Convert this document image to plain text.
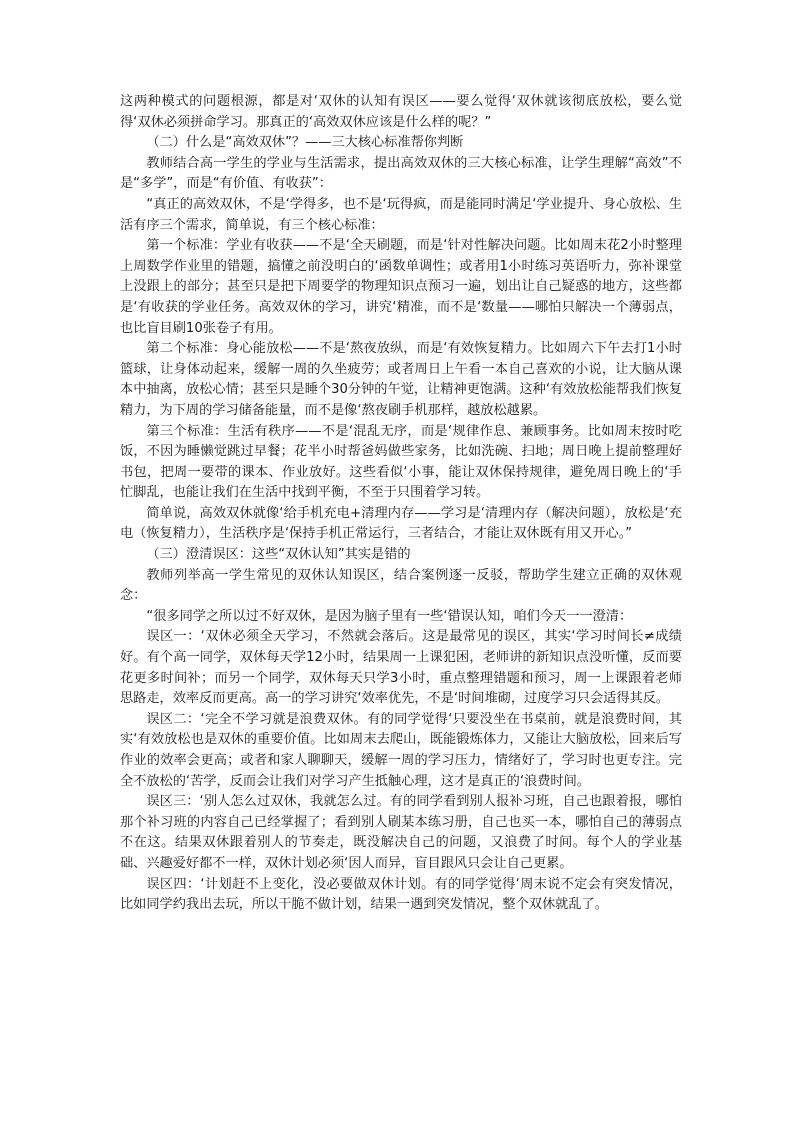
这两种模式的问题根源，都是对‘双休的认知有误区——要么觉得‘双休就该彻底放松，要么觉得‘双休必须拼命学习。那真正的‘高效双休应该是什么样的呢？”

（二）什么是“高效双休”？——三大核心标准帮你判断

教师结合高一学生的学业与生活需求，提出高效双休的三大核心标准，让学生理解“高效”不是“多学”，而是“有价值、有收获”：

“真正的高效双休，不是‘学得多，也不是‘玩得疯，而是能同时满足‘学业提升、身心放松、生活有序三个需求，简单说，有三个核心标准：

第一个标准：学业有收获——不是‘全天刷题，而是‘针对性解决问题。比如周末花2小时整理上周数学作业里的错题，搞懂之前没明白的‘函数单调性；或者用1小时练习英语听力，弥补课堂上没跟上的部分；甚至只是把下周要学的物理知识点预习一遍，划出让自己疑惑的地方，这些都是‘有收获的学业任务。高效双休的学习，讲究‘精准，而不是‘数量——哪怕只解决一个薄弱点，也比盲目刷10张卷子有用。

第二个标准：身心能放松——不是‘熬夜放纵，而是‘有效恢复精力。比如周六下午去打1小时篮球，让身体动起来，缓解一周的久坐疲劳；或者周日上午看一本自己喜欢的小说，让大脑从课本中抽离，放松心情；甚至只是睡个30分钟的午觉，让精神更饱满。这种‘有效放松能帮我们恢复精力，为下周的学习储备能量，而不是像‘熬夜刷手机那样，越放松越累。

第三个标准：生活有秩序——不是‘混乱无序，而是‘规律作息、兼顾事务。比如周末按时吃饭，不因为睡懒觉跳过早餐；花半小时帮爸妈做些家务，比如洗碗、扫地；周日晚上提前整理好书包，把周一要带的课本、作业放好。这些看似‘小事，能让双休保持规律，避免周日晚上的‘手忙脚乱，也能让我们在生活中找到平衡，不至于只围着学习转。

简单说，高效双休就像‘给手机充电+清理内存——学习是‘清理内存（解决问题），放松是‘充电（恢复精力），生活秩序是‘保持手机正常运行，三者结合，才能让双休既有用又开心。”

（三）澄清误区：这些“双休认知”其实是错的

教师列举高一学生常见的双休认知误区，结合案例逐一反驳，帮助学生建立正确的双休观念：

“很多同学之所以过不好双休，是因为脑子里有一些‘错误认知，咱们今天一一澄清：

误区一：‘双休必须全天学习，不然就会落后。这是最常见的误区，其实‘学习时间长≠成绩好。有个高一同学，双休每天学12小时，结果周一上课犯困，老师讲的新知识点没听懂，反而要花更多时间补；而另一个同学，双休每天只学3小时，重点整理错题和预习，周一上课跟着老师思路走，效率反而更高。高一的学习讲究‘效率优先，不是‘时间堆砌，过度学习只会适得其反。

误区二：‘完全不学习就是浪费双休。有的同学觉得‘只要没坐在书桌前，就是浪费时间，其实‘有效放松也是双休的重要价值。比如周末去爬山，既能锻炼体力，又能让大脑放松，回来后写作业的效率会更高；或者和家人聊聊天，缓解一周的学习压力，情绪好了，学习时也更专注。完全不放松的‘苦学，反而会让我们对学习产生抵触心理，这才是真正的‘浪费时间。

误区三：‘别人怎么过双休，我就怎么过。有的同学看到别人报补习班，自己也跟着报，哪怕那个补习班的内容自己已经掌握了；看到别人刷某本练习册，自己也买一本，哪怕自己的薄弱点不在这。结果双休跟着别人的节奏走，既没解决自己的问题，又浪费了时间。每个人的学业基础、兴趣爱好都不一样，双休计划必须‘因人而异，盲目跟风只会让自己更累。

误区四：‘计划赶不上变化，没必要做双休计划。有的同学觉得‘周末说不定会有突发情况，比如同学约我出去玩，所以干脆不做计划，结果一遇到突发情况，整个双休就乱了。
